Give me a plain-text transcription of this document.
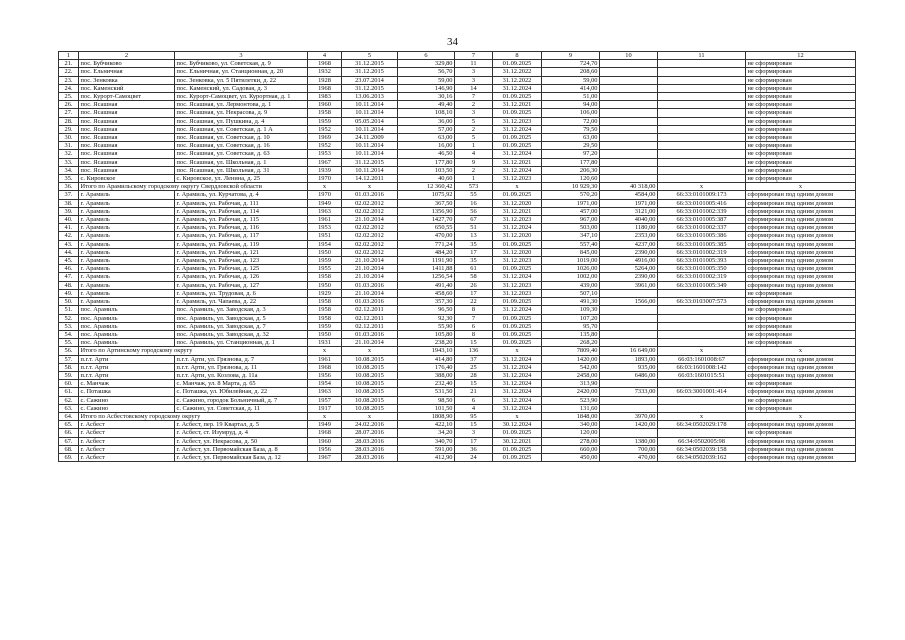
34
1	2	3	4	5	6	7	8	9	10	11	12
21.	пос. Бубчиково	пос. Бубчиково, ул. Советская, д. 9	1968	31.12.2015	329,80	11	01.09.2025	724,70			не сформирован
22.	пос. Ельничная	пос. Ельничная, ул. Станционная, д. 20	1932	31.12.2015	56,70	3	31.12.2022	208,60			не сформирован
23.	пос. Зенковка	пос. Зенковка, ул. 5 Пятилетки, д. 22	1928	23.07.2014	59,00	3	31.12.2022	59,00			не сформирован
24.	пос. Каменский	пос. Каменский, ул. Садовая, д. 3	1968	31.12.2015	146,90	14	31.12.2024	414,00			не сформирован
25.	пос. Курорт-Самоцвет	пос. Курорт-Самоцвет, ул. Курортная, д. 1	1983	13.06.2013	30,16	7	01.09.2025	51,00			не сформирован
26.	пос. Ясашная	пос. Ясашная, ул. Лермонтова, д. 1	1960	10.11.2014	49,40	2	31.12.2021	94,00			не сформирован
27.	пос. Ясашная	пос. Ясашная, ул. Некрасова, д. 9	1958	10.11.2014	108,10	3	01.09.2025	106,00			не сформирован
28.	пос. Ясашная	пос. Ясашная, ул. Пушкина, д. 4	1959	05.05.2014	36,00	5	31.12.2023	72,00			не сформирован
29.	пос. Ясашная	пос. Ясашная, ул. Советская, д. 1 А	1952	10.11.2014	57,00	2	31.12.2024	79,50			не сформирован
30.	пос. Ясашная	пос. Ясашная, ул. Советская, д. 10	1969	24.11.2009	63,00	5	01.09.2025	63,00			не сформирован
31.	пос. Ясашная	пос. Ясашная, ул. Советская, д. 16	1952	10.11.2014	16,00	1	01.09.2025	29,50			не сформирован
32.	пос. Ясашная	пос. Ясашная, ул. Советская, д. 63	1953	10.11.2014	46,50	4	31.12.2024	97,20			не сформирован
33.	пос. Ясашная	пос. Ясашная, ул. Школьная, д. 1	1967	31.12.2015	177,80	9	31.12.2021	177,80			не сформирован
34.	пос. Ясашная	пос. Ясашная, ул. Школьная, д. 31	1939	10.11.2014	103,50	2	31.12.2024	206,30			не сформирован
35.	с. Кировское	с. Кировское, ул. Ленина, д. 25	1970	14.12.2011	40,60	1	31.12.2023	120,60			не сформирован
36.	Итого по Арамильскому городскому округу Свердловской области		х	х	12 360,42	573	х	10 929,30	40 318,00	х	х
37.	г. Арамиль	г. Арамиль, ул. Курчатова, д. 4	1970	01.03.2016	1075,92	55	01.09.2025	570,20	4584,00	66:33:0101009:173	сформирован под одним домом
38.	г. Арамиль	г. Арамиль, ул. Рабочая, д. 111	1949	02.02.2012	367,50	16	31.12.2020	1971,00	1971,00	66:33:0101005:416	сформирован под одним домом
39.	г. Арамиль	г. Арамиль, ул. Рабочая, д. 114	1963	02.02.2012	1356,90	56	31.12.2021	457,00	3121,00	66:33:0101002:339	сформирован под одним домом
40.	г. Арамиль	г. Арамиль, ул. Рабочая, д. 115	1961	21.10.2014	1427,70	67	31.12.2023	967,00	4040,00	66:33:0101005:387	сформирован под одним домом
41.	г. Арамиль	г. Арамиль, ул. Рабочая, д. 116	1953	02.02.2012	650,55	51	31.12.2024	503,00	1180,00	66:33:0101002:337	сформирован под одним домом
42.	г. Арамиль	г. Арамиль, ул. Рабочая, д. 117	1951	02.02.2012	470,00	13	31.12.2020	347,10	2353,00	66:33:0101005:386	сформирован под одним домом
43.	г. Арамиль	г. Арамиль, ул. Рабочая, д. 119	1954	02.02.2012	771,24	35	01.09.2025	557,40	4237,00	66:33:0101005:385	сформирован под одним домом
44.	г. Арамиль	г. Арамиль, ул. Рабочая, д. 121	1950	02.02.2012	484,20	17	31.12.2020	845,00	2390,00	66:33:0101002:319	сформирован под одним домом
45.	г. Арамиль	г. Арамиль, ул. Рабочая, д. 123	1959	21.10.2014	1191,90	35	31.12.2023	1019,00	4916,00	66:33:0101005:393	сформирован под одним домом
46.	г. Арамиль	г. Арамиль, ул. Рабочая, д. 125	1955	21.10.2014	1411,88	61	01.09.2025	1026,00	5264,00	66:33:0101005:350	сформирован под одним домом
47.	г. Арамиль	г. Арамиль, ул. Рабочая, д. 126	1958	21.10.2014	1256,54	58	31.12.2024	1002,00	2390,00	66:33:0101002:319	сформирован под одним домом
48.	г. Арамиль	г. Арамиль, ул. Рабочая, д. 127	1950	01.03.2016	491,40	26	31.12.2023	439,00	3961,00	66:33:0101005:349	сформирован под одним домом
49.	г. Арамиль	г. Арамиль, ул. Трудовая, д. 6	1929	21.10.2014	458,60	17	31.12.2023	507,10			не сформирован
50.	г. Арамиль	г. Арамиль, ул. Чапаева, д. 22	1958	01.03.2016	357,30	22	01.09.2025	491,30	1566,00	66:33:0103007:573	сформирован под одним домом
51.	пос. Арамиль	пос. Арамиль, ул. Заводская, д. 3	1958	02.12.2011	96,50	8	31.12.2024	109,30			не сформирован
52.	пос. Арамиль	пос. Арамиль, ул. Заводская, д. 5	1958	02.12.2011	92,30	7	01.09.2025	107,20			не сформирован
53.	пос. Арамиль	пос. Арамиль, ул. Заводская, д. 7	1959	02.12.2011	55,90	6	01.09.2025	95,70			не сформирован
54.	пос. Арамиль	пос. Арамиль, ул. Заводская, д. 32	1950	01.03.2016	105,80	8	01.09.2025	135,80			не сформирован
55.	пос. Арамиль	пос. Арамиль, ул. Станционная, д. 1	1931	21.10.2014	238,20	15	01.09.2025	268,20			не сформирован
56.	Итого по Артинскому городскому округу		х	х	1943,10	136	х	7809,40	16 649,00	х	х
57.	п.г.т. Арти	п.г.т. Арти, ул. Грязнова, д. 7	1961	10.08.2015	414,80	37	31.12.2024	1420,00	1893,00	66:03:1601008:67	сформирован под одним домом
58.	п.г.т. Арти	п.г.т. Арти, ул. Грязнова, д. 11	1968	10.08.2015	176,40	25	31.12.2024	542,00	935,00	66:03:1601008:142	сформирован под одним домом
59.	п.г.т. Арти	п.г.т. Арти, ул. Козлова, д. 11а	1956	10.08.2015	388,00	28	31.12.2024	2458,00	6486,00	66:03:1601015:51	сформирован под одним домом
60.	с. Манчаж	с. Манчаж, ул. 8 Марта, д. 65	1954	10.08.2015	232,40	15	31.12.2024	313,90			не сформирован
61.	с. Поташка	с. Поташка, ул. Юбилейная, д. 22	1963	10.08.2015	531,50	21	31.12.2024	2420,00	7333,00	66:03:3001001:414	сформирован под одним домом
62.	с. Сажино	с. Сажино, городок Больничный, д. 7	1957	10.08.2015	98,50	6	31.12.2024	523,90			не сформирован
63.	с. Сажино	с. Сажино, ул. Советская, д. 11	1917	10.08.2015	101,50	4	31.12.2024	131,60			не сформирован
64.	Итого по Асбестовскому городскому округу		х	х	1808,90	95	х	1848,00	3970,00	х	х
65.	г. Асбест	г. Асбест, пер. 19 Квартал, д. 5	1949	24.02.2016	422,10	15	30.12.2024	340,00	1420,00	66:34:0502029:178	сформирован под одним домом
66.	г. Асбест	г. Асбест, ст. Изумруд, д. 4	1968	28.07.2016	34,20	3	01.09.2025	120,00			не сформирован
67.	г. Асбест	г. Асбест, ул. Некрасова, д. 50	1960	28.03.2016	340,70	17	30.12.2021	278,00	1380,00	66:34:0502005:98	сформирован под одним домом
68.	г. Асбест	г. Асбест, ул. Первомайская База, д. 8	1956	28.03.2016	591,00	36	01.09.2025	660,00	700,00	66:34:0502039:158	сформирован под одним домом
69.	г. Асбест	г. Асбест, ул. Первомайская База, д. 12	1967	28.03.2016	412,90	24	01.09.2025	450,00	470,00	66:34:0502039:162	сформирован под одним домом
